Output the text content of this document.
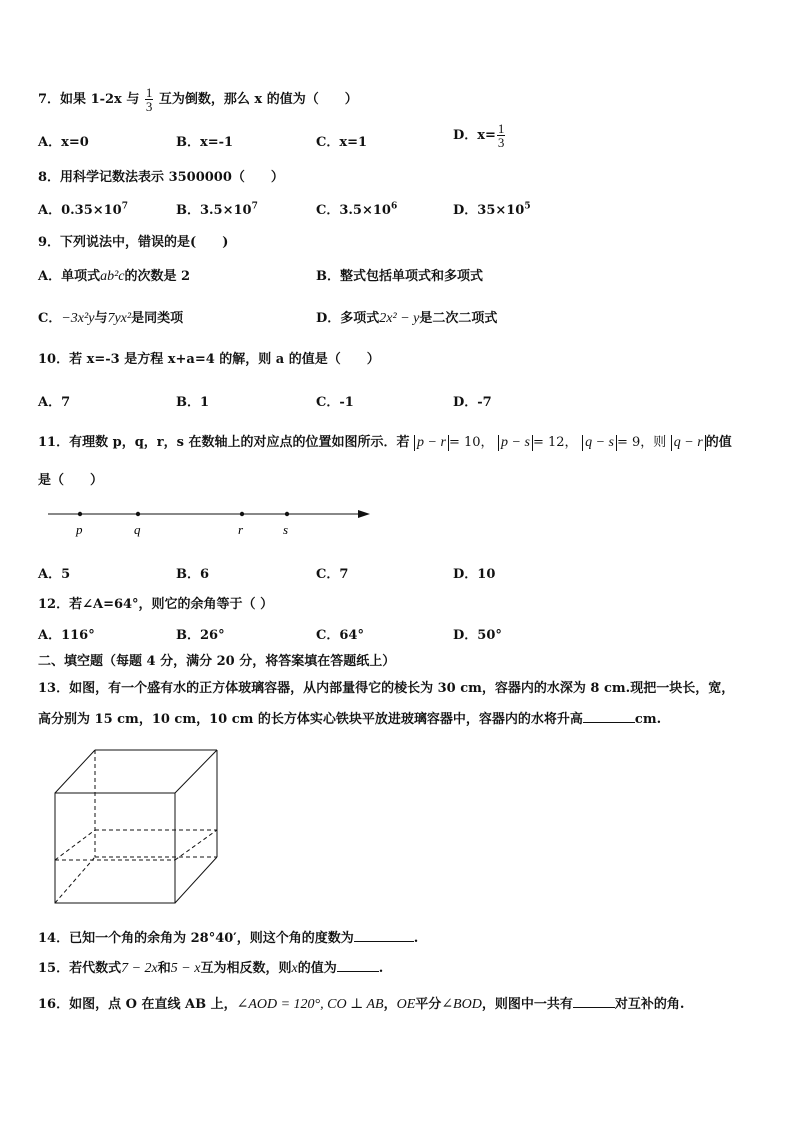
7．如果 1-2x 与 $\frac{1}{3}$ 互为倒数，那么 x 的值为（　　）
A．x=0	B．x=-1	C．x=1	D．$x= \frac{1}{3}$
8．用科学记数法表示 3500000（　　）
A．$0.35\times 10^7$	B．$3.5\times 10^7$	C．$3.5\times 10^6$	D．$35\times 10^5$
9．下列说法中，错误的是(　　)
A．单项式ab²c的次数是 2	B．整式包括单项式和多项式
C．−3x²y与7yx²是同类项	D．多项式2x² − y是二次二项式
10．若 x=-3 是方程 x+a=4 的解，则 a 的值是（　　）
A．7	B．1	C．-1	D．-7
11．有理数 p，q，r，s 在数轴上的对应点的位置如图所示．若 p − r = 10， p − s = 12， q − s = 9，则 q − r 的值
是（　　）
p	q	r	s
A．5	B．6	C．7	D．10
12．若∠A=64°，则它的余角等于（ ）
A．116°	B．26°	C．64°	D．50°
二、填空题（每题 4 分，满分 20 分，将答案填在答题纸上）
13．如图，有一个盛有水的正方体玻璃容器，从内部量得它的棱长为 30 cm，容器内的水深为 8 cm.现把一块长，宽，
高分别为 15 cm，10 cm，10 cm 的长方体实心铁块平放进玻璃容器中，容器内的水将升高	cm.
14．已知一个角的余角为 28°40′，则这个角的度数为	.
15．若代数式7 − 2x和5 − x互为相反数，则x的值为	.
16．如图，点 O 在直线 AB 上，∠AOD = 120°, CO ⊥ AB，OE平分∠BOD，则图中一共有	对互补的角.
